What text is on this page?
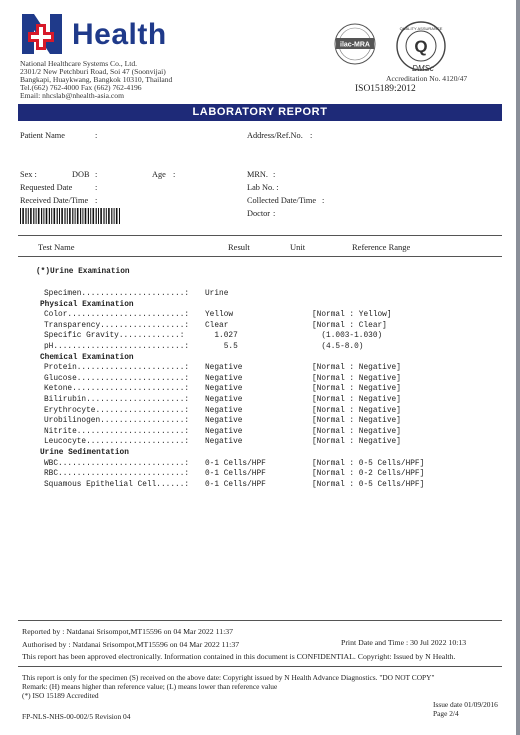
Health
National Healthcare Systems Co., Ltd.
2301/2 New Petchburi Road, Soi 47 (Soonvijai)
Bangkapi, Huaykwang, Bangkok 10310, Thailand
Tel.(662) 762-4000 Fax (662) 762-4196
Email: nhcslab@nhealth-asia.com
ilac-MRA	Q
DMSc
QUALITY ASSURANCE
Accreditation No. 4120/47
ISO15189:2012
LABORATORY REPORT
Patient Name	:	Address/Ref.No. :
Sex :	DOB :	Age :	MRN. :
Requested Date	:	Lab No. :
Received Date/Time :	Collected Date/Time :
Doctor :
Test Name	Result	Unit	Reference Range
(*)Urine Examination
Specimen......................: Urine
Physical Examination
Color.........................: Yellow	[Normal : Yellow]
Transparency..................: Clear	[Normal : Clear]
Specific Gravity.............:	1.027	(1.003-1.030)
pH............................: 5.5	(4.5-8.0)
Chemical Examination
Protein.......................: Negative	[Normal : Negative]
Glucose.......................: Negative	[Normal : Negative]
Ketone........................: Negative	[Normal : Negative]
Bilirubin.....................: Negative	[Normal : Negative]
Erythrocyte...................: Negative	[Normal : Negative]
Urobilinogen..................: Negative	[Normal : Negative]
Nitrite.......................: Negative	[Normal : Negative]
Leucocyte.....................: Negative	[Normal : Negative]
Urine Sedimentation
WBC...........................: 0-1 Cells/HPF	[Normal : 0-5 Cells/HPF]
RBC...........................: 0-1 Cells/HPF	[Normal : 0-2 Cells/HPF]
Squamous Epithelial Cell......: 0-1 Cells/HPF	[Normal : 0-5 Cells/HPF]
Reported by : Natdanai Srisompot,MT15596 on 04 Mar 2022 11:37
Authorised by : Natdanai Srisompot,MT15596 on 04 Mar 2022 11:37	Print Date and Time : 30 Jul 2022 10:13
This report has been approved electronically. Information contained in this document is CONFIDENTIAL. Copyright: Issued by N Health.
This report is only for the specimen (S) received on the above date: Copyright issued by N Health Advance Diagnostics. "DO NOT COPY"
Remark: (H) means higher than reference value; (L) means lower than reference value
(*) ISO 15189 Accredited
Issue date 01/09/2016
Page 2/4
FP-NLS-NHS-00-002/5 Revision 04
